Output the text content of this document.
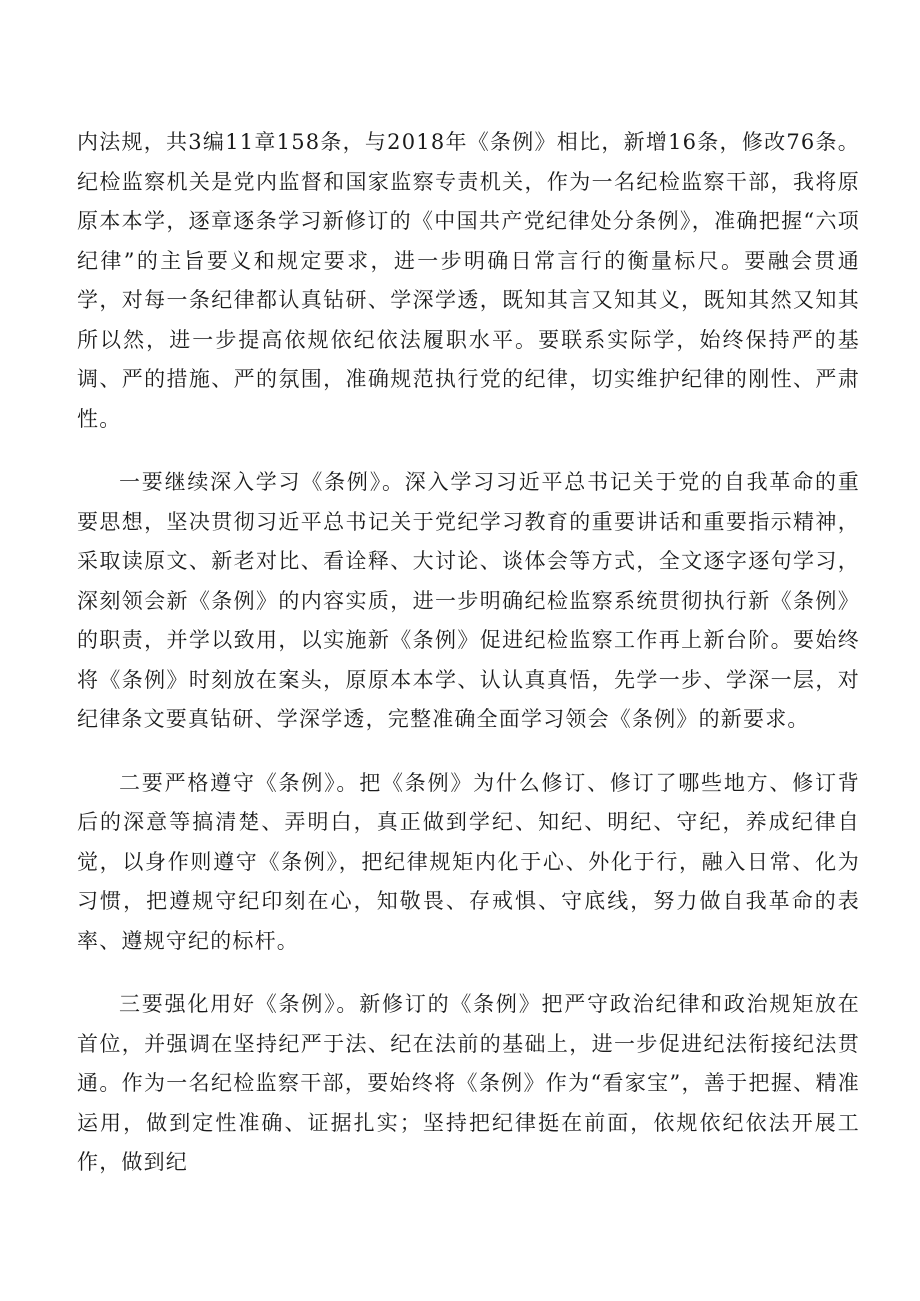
内法规，共3编11章158条，与2018年《条例》相比，新增16条，修改76条。纪检监察机关是党内监督和国家监察专责机关，作为一名纪检监察干部，我将原原本本学，逐章逐条学习新修订的《中国共产党纪律处分条例》，准确把握“六项纪律”的主旨要义和规定要求，进一步明确日常言行的衡量标尺。要融会贯通学，对每一条纪律都认真钻研、学深学透，既知其言又知其义，既知其然又知其所以然，进一步提高依规依纪依法履职水平。要联系实际学，始终保持严的基调、严的措施、严的氛围，准确规范执行党的纪律，切实维护纪律的刚性、严肃性。

一要继续深入学习《条例》。深入学习习近平总书记关于党的自我革命的重要思想，坚决贯彻习近平总书记关于党纪学习教育的重要讲话和重要指示精神，采取读原文、新老对比、看诠释、大讨论、谈体会等方式，全文逐字逐句学习，深刻领会新《条例》的内容实质，进一步明确纪检监察系统贯彻执行新《条例》的职责，并学以致用，以实施新《条例》促进纪检监察工作再上新台阶。要始终将《条例》时刻放在案头，原原本本学、认认真真悟，先学一步、学深一层，对纪律条文要真钻研、学深学透，完整准确全面学习领会《条例》的新要求。

二要严格遵守《条例》。把《条例》为什么修订、修订了哪些地方、修订背后的深意等搞清楚、弄明白，真正做到学纪、知纪、明纪、守纪，养成纪律自觉，以身作则遵守《条例》，把纪律规矩内化于心、外化于行，融入日常、化为习惯，把遵规守纪印刻在心，知敬畏、存戒惧、守底线，努力做自我革命的表率、遵规守纪的标杆。

三要强化用好《条例》。新修订的《条例》把严守政治纪律和政治规矩放在首位，并强调在坚持纪严于法、纪在法前的基础上，进一步促进纪法衔接纪法贯通。作为一名纪检监察干部，要始终将《条例》作为“看家宝”，善于把握、精准运用，做到定性准确、证据扎实；坚持把纪律挺在前面，依规依纪依法开展工作，做到纪
